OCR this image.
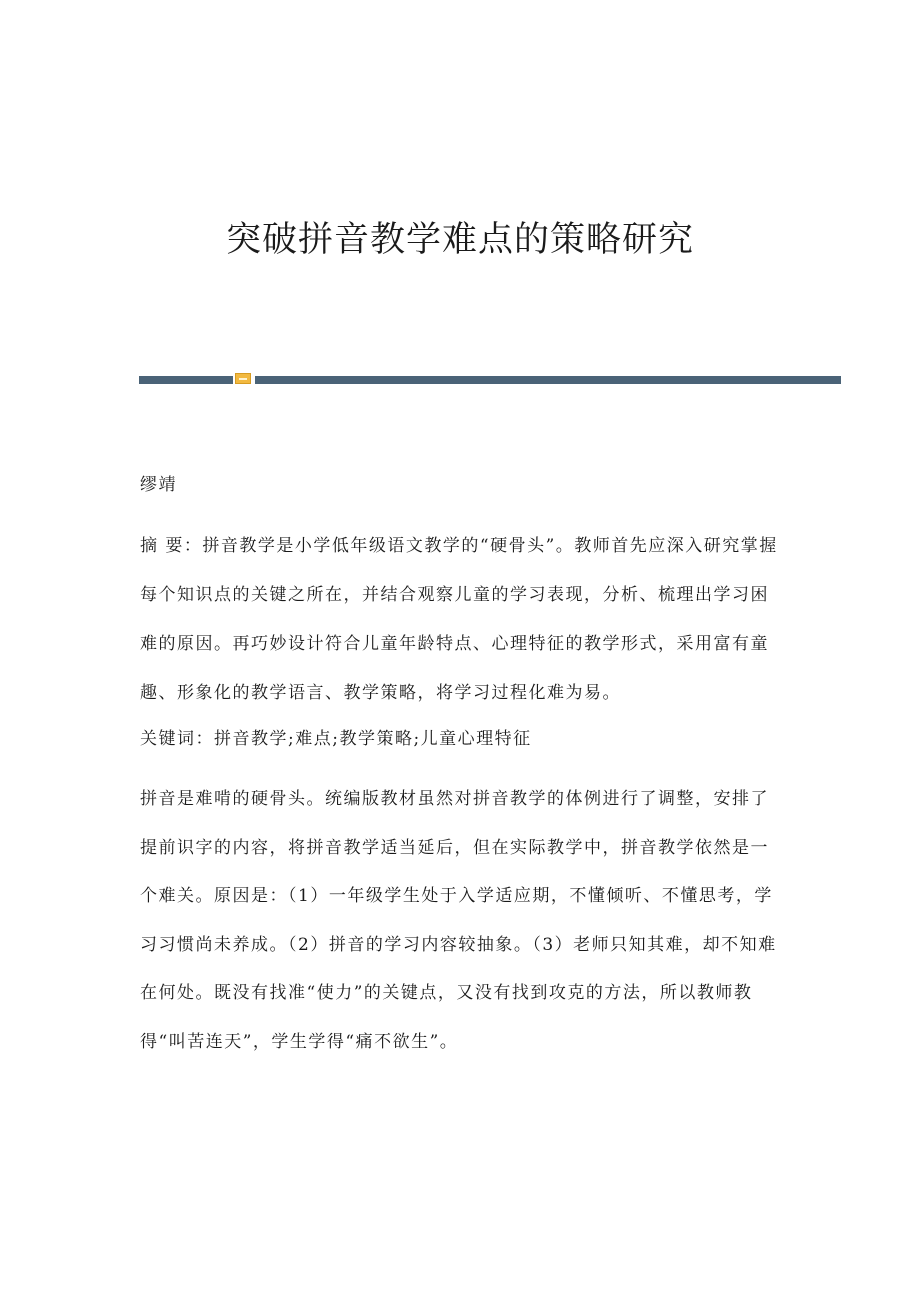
突破拼音教学难点的策略研究

缪靖

摘 要：拼音教学是小学低年级语文教学的“硬骨头”。教师首先应深入研究掌握每个知识点的关键之所在，并结合观察儿童的学习表现，分析、梳理出学习困难的原因。再巧妙设计符合儿童年龄特点、心理特征的教学形式，采用富有童趣、形象化的教学语言、教学策略，将学习过程化难为易。

关键词：拼音教学;难点;教学策略;儿童心理特征

拼音是难啃的硬骨头。统编版教材虽然对拼音教学的体例进行了调整，安排了提前识字的内容，将拼音教学适当延后，但在实际教学中，拼音教学依然是一个难关。原因是：（1）一年级学生处于入学适应期，不懂倾听、不懂思考，学习习惯尚未养成。（2）拼音的学习内容较抽象。（3）老师只知其难，却不知难在何处。既没有找准“使力”的关键点，又没有找到攻克的方法，所以教师教得“叫苦连天”，学生学得“痛不欲生”。
